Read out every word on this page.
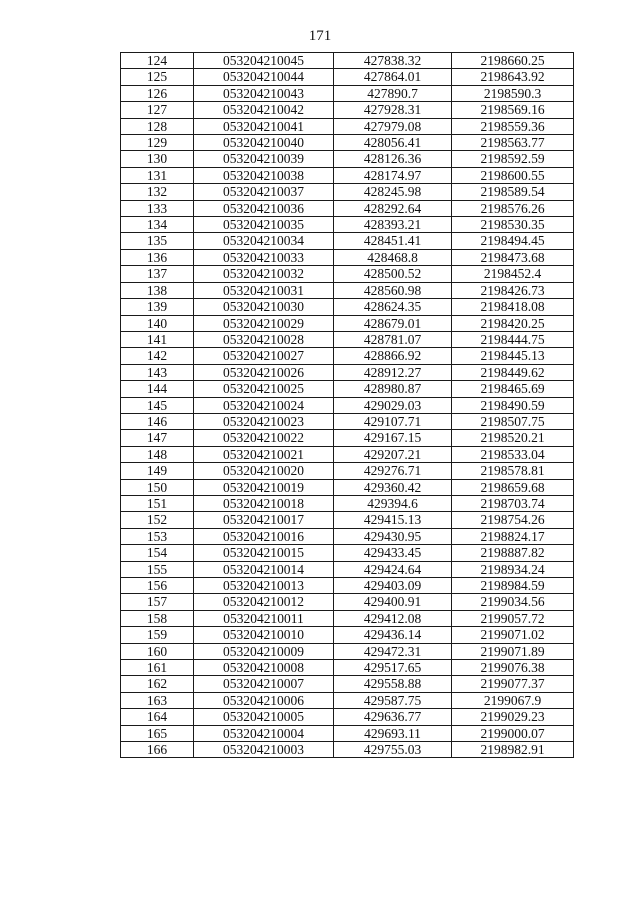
171
124	053204210045	427838.32	2198660.25
125	053204210044	427864.01	2198643.92
126	053204210043	427890.7	2198590.3
127	053204210042	427928.31	2198569.16
128	053204210041	427979.08	2198559.36
129	053204210040	428056.41	2198563.77
130	053204210039	428126.36	2198592.59
131	053204210038	428174.97	2198600.55
132	053204210037	428245.98	2198589.54
133	053204210036	428292.64	2198576.26
134	053204210035	428393.21	2198530.35
135	053204210034	428451.41	2198494.45
136	053204210033	428468.8	2198473.68
137	053204210032	428500.52	2198452.4
138	053204210031	428560.98	2198426.73
139	053204210030	428624.35	2198418.08
140	053204210029	428679.01	2198420.25
141	053204210028	428781.07	2198444.75
142	053204210027	428866.92	2198445.13
143	053204210026	428912.27	2198449.62
144	053204210025	428980.87	2198465.69
145	053204210024	429029.03	2198490.59
146	053204210023	429107.71	2198507.75
147	053204210022	429167.15	2198520.21
148	053204210021	429207.21	2198533.04
149	053204210020	429276.71	2198578.81
150	053204210019	429360.42	2198659.68
151	053204210018	429394.6	2198703.74
152	053204210017	429415.13	2198754.26
153	053204210016	429430.95	2198824.17
154	053204210015	429433.45	2198887.82
155	053204210014	429424.64	2198934.24
156	053204210013	429403.09	2198984.59
157	053204210012	429400.91	2199034.56
158	053204210011	429412.08	2199057.72
159	053204210010	429436.14	2199071.02
160	053204210009	429472.31	2199071.89
161	053204210008	429517.65	2199076.38
162	053204210007	429558.88	2199077.37
163	053204210006	429587.75	2199067.9
164	053204210005	429636.77	2199029.23
165	053204210004	429693.11	2199000.07
166	053204210003	429755.03	2198982.91
